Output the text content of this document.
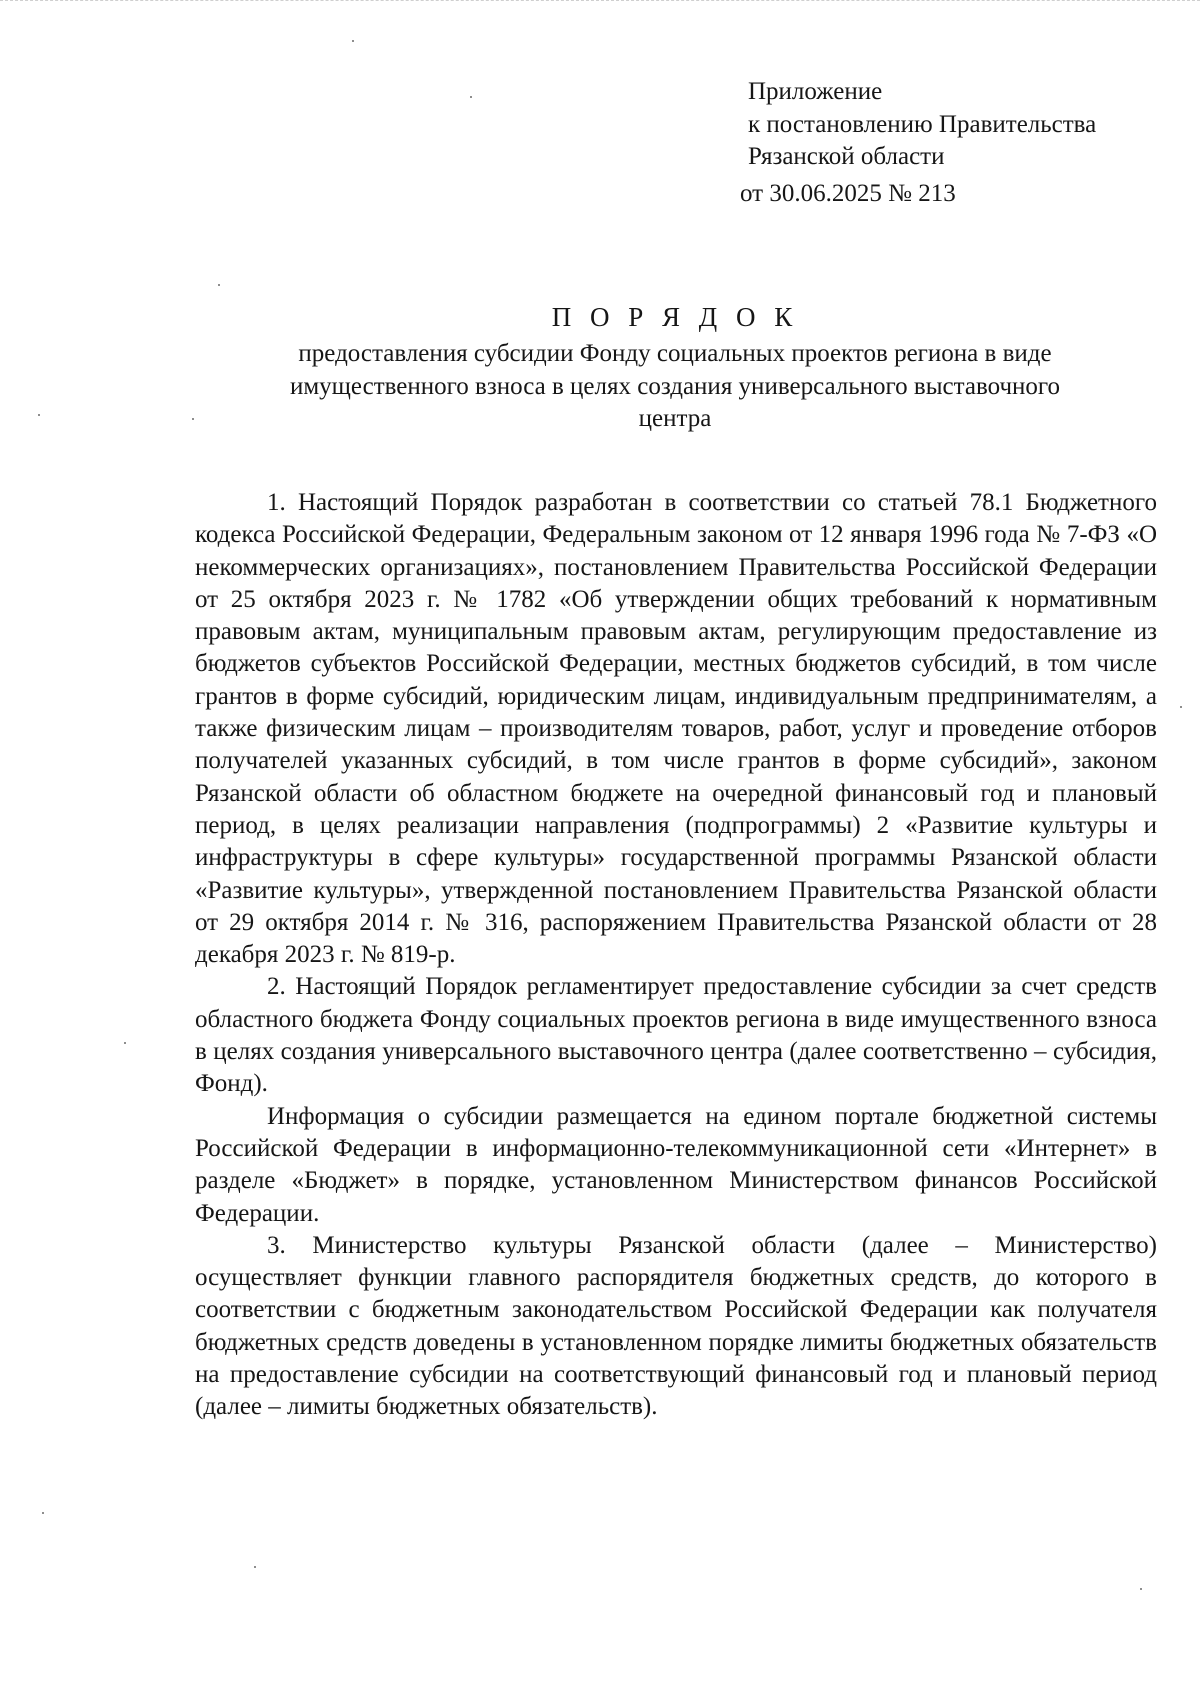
Приложение
к постановлению Правительства
Рязанской области
от 30.06.2025 № 213
П О Р Я Д О К
предоставления субсидии Фонду социальных проектов региона в виде имущественного взноса в целях создания универсального выставочного центра

1. Настоящий Порядок разработан в соответствии со статьей 78.1 Бюджетного кодекса Российской Федерации, Федеральным законом от 12 января 1996 года № 7-ФЗ «О некоммерческих организациях», постановлением Правительства Российской Федерации от 25 октября 2023 г. № 1782 «Об утверждении общих требований к нормативным правовым актам, муниципальным правовым актам, регулирующим предоставление из бюджетов субъектов Российской Федерации, местных бюджетов субсидий, в том числе грантов в форме субсидий, юридическим лицам, индивидуальным предпринимателям, а также физическим лицам – производителям товаров, работ, услуг и проведение отборов получателей указанных субсидий, в том числе грантов в форме субсидий», законом Рязанской области об областном бюджете на очередной финансовый год и плановый период, в целях реализации направления (подпрограммы) 2 «Развитие культуры и инфраструктуры в сфере культуры» государственной программы Рязанской области «Развитие культуры», утвержденной постановлением Правительства Рязанской области от 29 октября 2014 г. № 316, распоряжением Правительства Рязанской области от 28 декабря 2023 г. № 819-р.

2. Настоящий Порядок регламентирует предоставление субсидии за счет средств областного бюджета Фонду социальных проектов региона в виде имущественного взноса в целях создания универсального выставочного центра (далее соответственно – субсидия, Фонд).

Информация о субсидии размещается на едином портале бюджетной системы Российской Федерации в информационно-телекоммуникационной сети «Интернет» в разделе «Бюджет» в порядке, установленном Министерством финансов Российской Федерации.

3. Министерство культуры Рязанской области (далее – Министерство) осуществляет функции главного распорядителя бюджетных средств, до которого в соответствии с бюджетным законодательством Российской Федерации как получателя бюджетных средств доведены в установленном порядке лимиты бюджетных обязательств на предоставление субсидии на соответствующий финансовый год и плановый период (далее – лимиты бюджетных обязательств).
